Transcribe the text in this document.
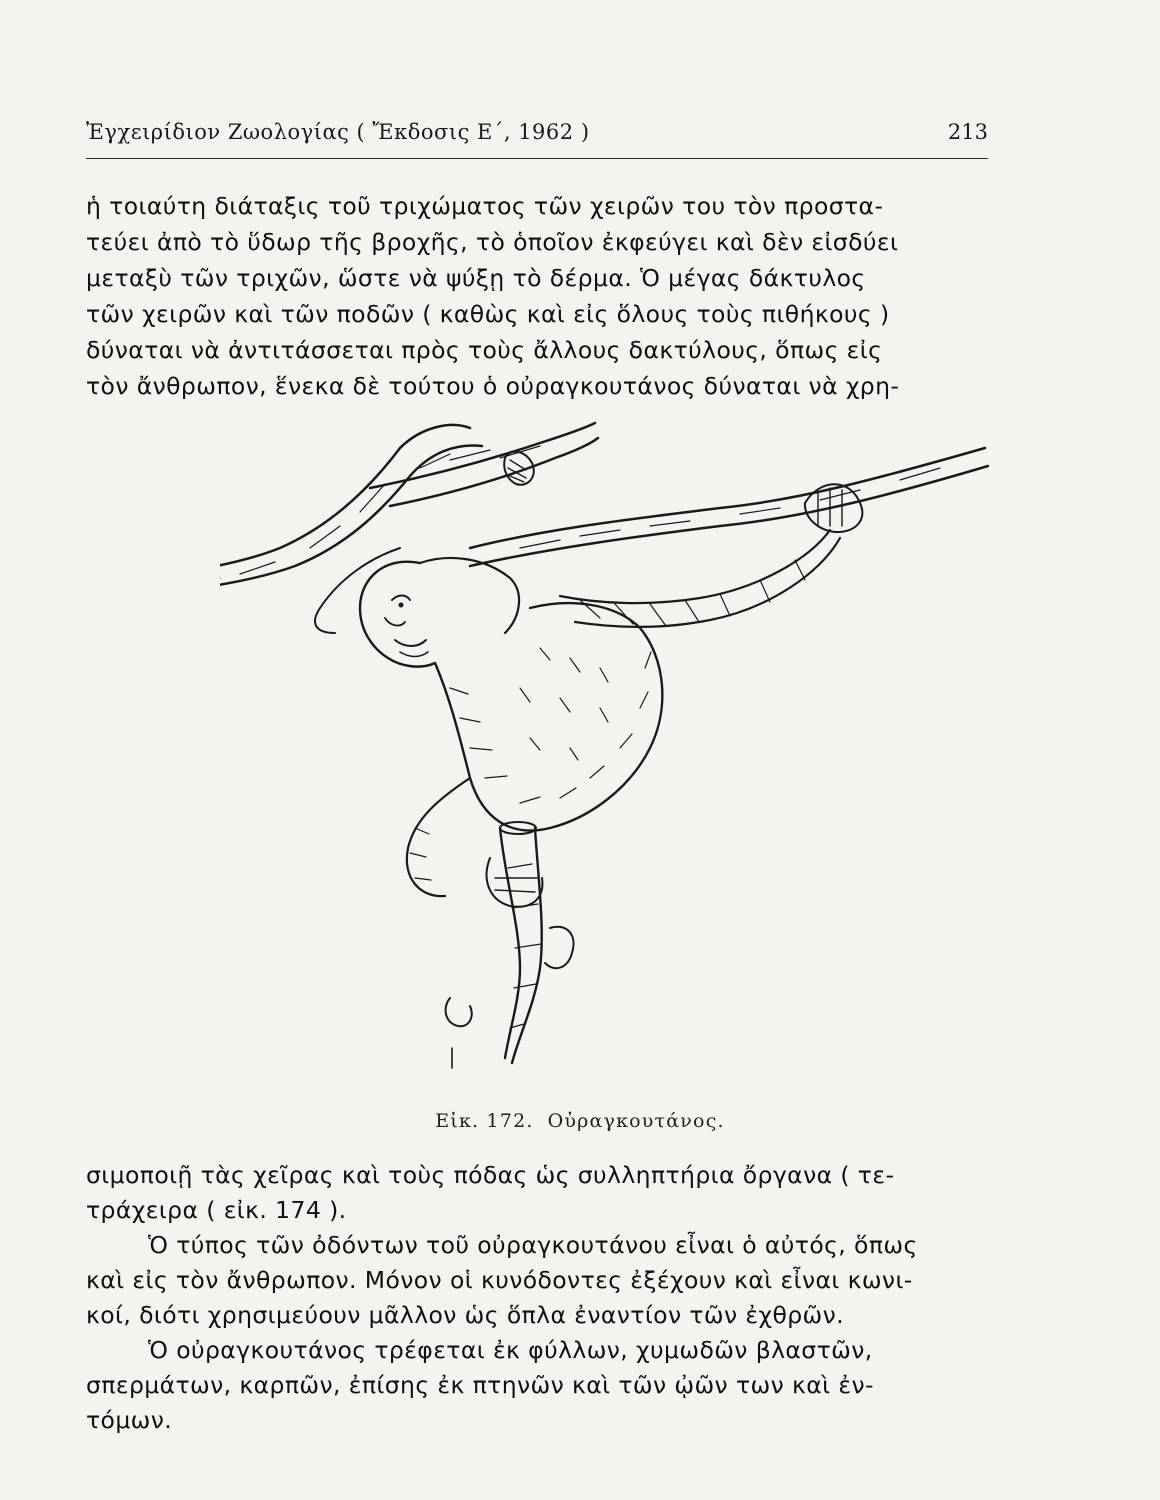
Ἐγχειρίδιον Ζωολογίας ( Ἔκδοσις Ε΄, 1962 )	213
ἡ τοιαύτη διάταξις τοῦ τριχώματος τῶν χειρῶν του τὸν προστα-
τεύει ἀπὸ τὸ ὕδωρ τῆς βροχῆς, τὸ ὁποῖον ἐκφεύγει καὶ δὲν εἰσδύει
μεταξὺ τῶν τριχῶν, ὥστε νὰ ψύξῃ τὸ δέρμα. Ὁ μέγας δάκτυλος
τῶν χειρῶν καὶ τῶν ποδῶν ( καθὼς καὶ εἰς ὅλους τοὺς πιθήκους )
δύναται νὰ ἀντιτάσσεται πρὸς τοὺς ἄλλους δακτύλους, ὅπως εἰς
τὸν ἄνθρωπον, ἕνεκα δὲ τούτου ὁ οὐραγκουτάνος δύναται νὰ χρη-
Εἰκ. 172. Οὐραγκουτάνος.
σιμοποιῇ τὰς χεῖρας καὶ τοὺς πόδας ὡς συλληπτήρια ὄργανα ( τε-
τράχειρα ( εἰκ. 174 ).
Ὁ τύπος τῶν ὀδόντων τοῦ οὐραγκουτάνου εἶναι ὁ αὐτός, ὅπως
καὶ εἰς τὸν ἄνθρωπον. Μόνον οἱ κυνόδοντες ἐξέχουν καὶ εἶναι κωνι-
κοί, διότι χρησιμεύουν μᾶλλον ὡς ὅπλα ἐναντίον τῶν ἐχθρῶν.
Ὁ οὐραγκουτάνος τρέφεται ἐκ φύλλων, χυμωδῶν βλαστῶν,
σπερμάτων, καρπῶν, ἐπίσης ἐκ πτηνῶν καὶ τῶν ᾠῶν των καὶ ἐν-
τόμων.
